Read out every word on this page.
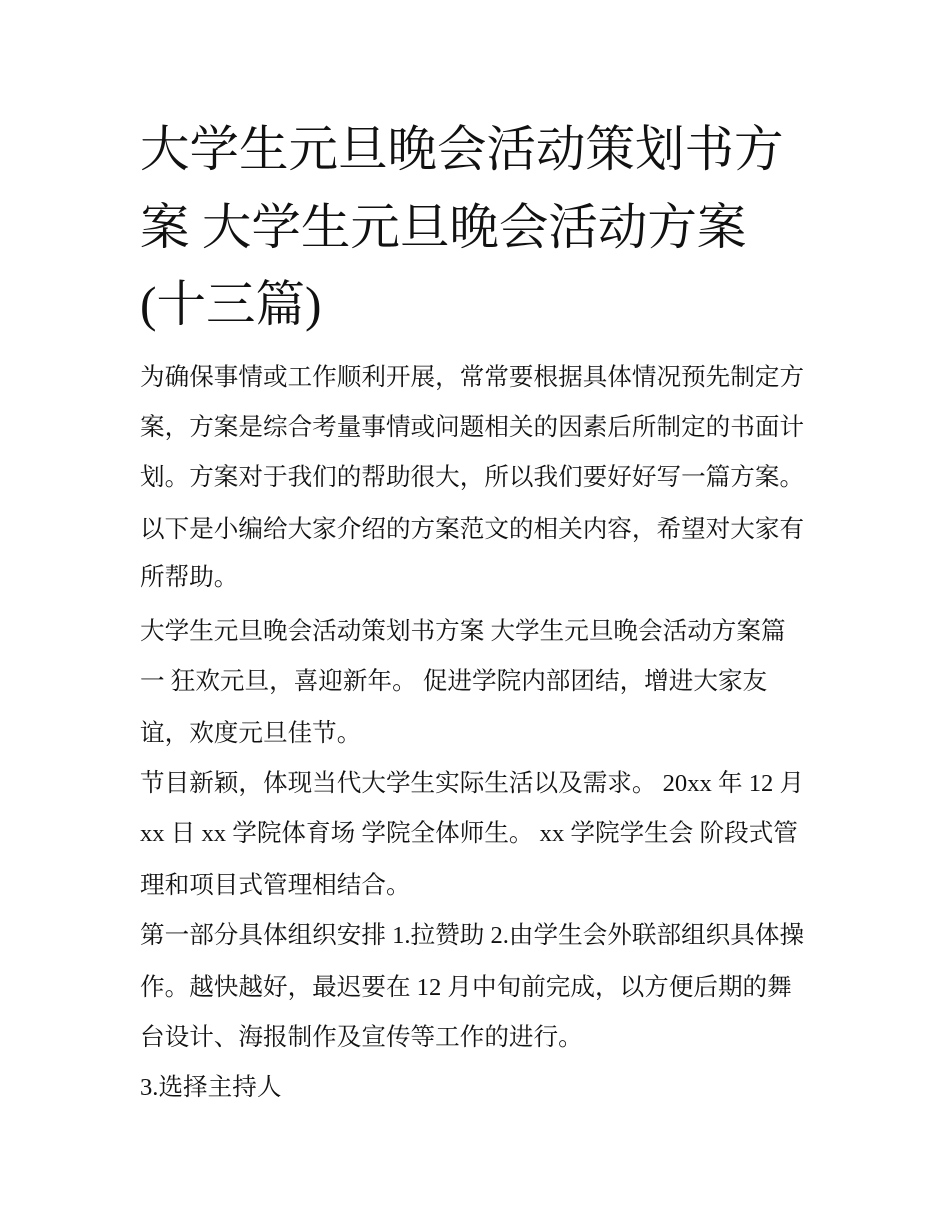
大学生元旦晚会活动策划书方
案 大学生元旦晚会活动方案
(十三篇)
为确保事情或工作顺利开展，常常要根据具体情况预先制定方
案，方案是综合考量事情或问题相关的因素后所制定的书面计
划。方案对于我们的帮助很大，所以我们要好好写一篇方案。
以下是小编给大家介绍的方案范文的相关内容，希望对大家有
所帮助。
大学生元旦晚会活动策划书方案 大学生元旦晚会活动方案篇
一 狂欢元旦，喜迎新年。 促进学院内部团结，增进大家友
谊，欢度元旦佳节。
节目新颖，体现当代大学生实际生活以及需求。 20xx 年 12 月
xx 日 xx 学院体育场 学院全体师生。 xx 学院学生会 阶段式管
理和项目式管理相结合。
第一部分具体组织安排 1.拉赞助 2.由学生会外联部组织具体操
作。越快越好，最迟要在 12 月中旬前完成，以方便后期的舞
台设计、海报制作及宣传等工作的进行。
3.选择主持人
